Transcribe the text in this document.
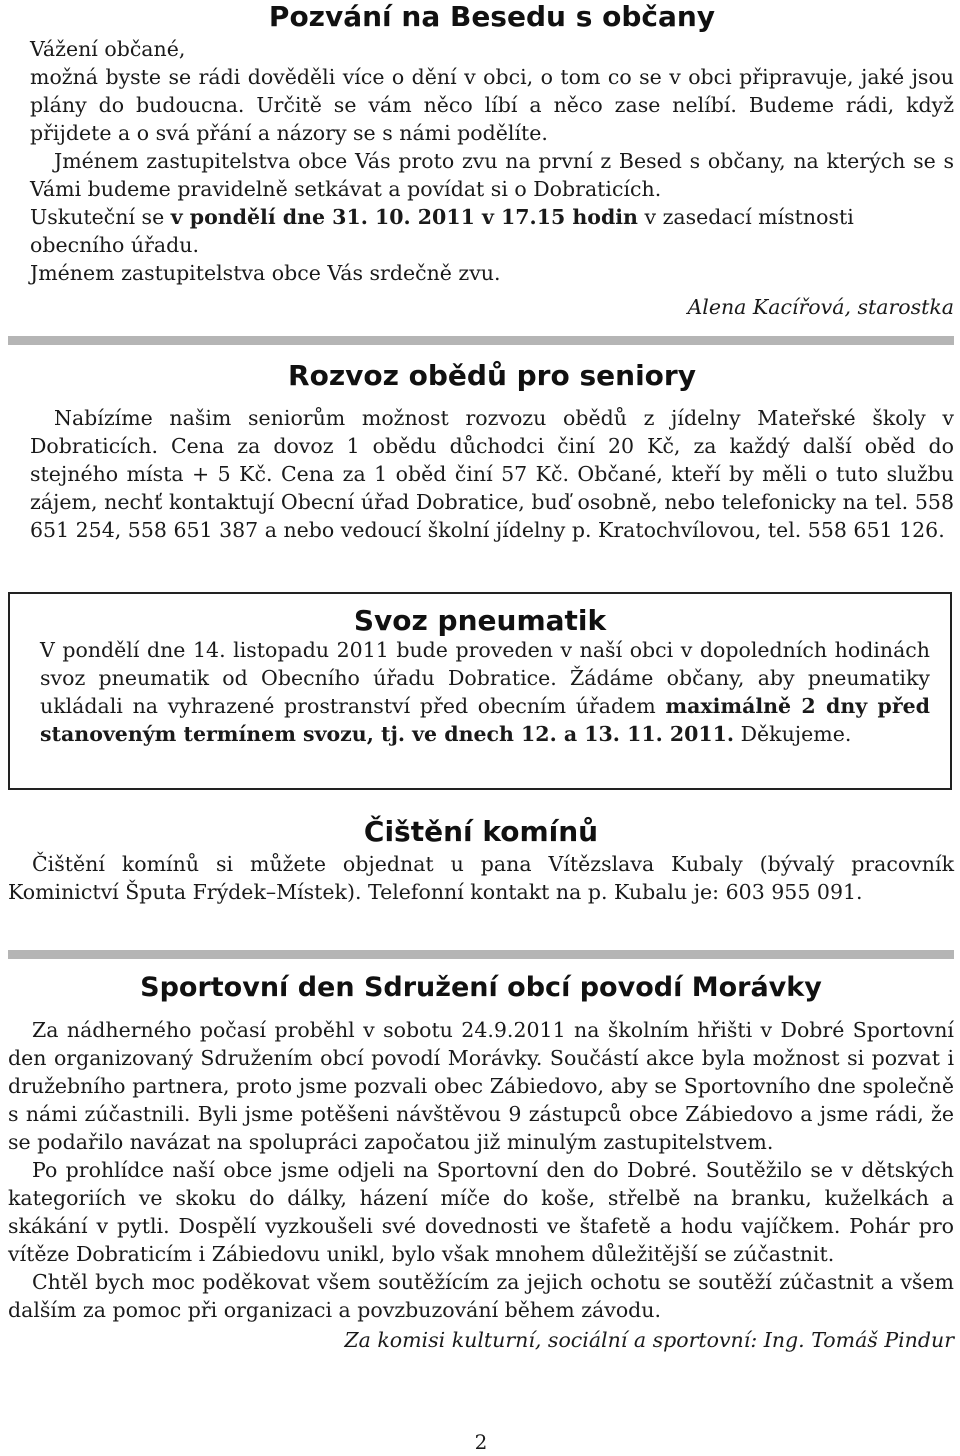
Pozvání na Besedu s občany

Vážení občané,

možná byste se rádi dověděli více o dění v obci, o tom co se v obci připravuje, jaké jsou plány do budoucna. Určitě se vám něco líbí a něco zase nelíbí. Budeme rádi, když přijdete a o svá přání a názory se s námi podělíte.

Jménem zastupitelstva obce Vás proto zvu na první z Besed s občany, na kterých se s Vámi budeme pravidelně setkávat a povídat si o Dobraticích.

Uskuteční se v pondělí dne 31. 10. 2011 v 17.15 hodin v zasedací místnosti obecního úřadu.

Jménem zastupitelstva obce Vás srdečně zvu.

Alena Kacířová, starostka

Rozvoz obědů pro seniory

Nabízíme našim seniorům možnost rozvozu obědů z jídelny Mateřské školy v Dobraticích. Cena za dovoz 1 obědu důchodci činí 20 Kč, za každý další oběd do stejného místa + 5 Kč. Cena za 1 oběd činí 57 Kč. Občané, kteří by měli o tuto službu zájem, nechť kontaktují Obecní úřad Dobratice, buď osobně, nebo telefonicky na tel. 558 651 254, 558 651 387 a nebo vedoucí školní jídelny p. Kratochvílovou, tel. 558 651 126.

Svoz pneumatik

V pondělí dne 14. listopadu 2011 bude proveden v naší obci v dopoledních hodinách svoz pneumatik od Obecního úřadu Dobratice. Žádáme občany, aby pneumatiky ukládali na vyhrazené prostranství před obecním úřadem maximálně 2 dny před stanoveným termínem svozu, tj. ve dnech 12. a 13. 11. 2011. Děkujeme.

Čištění komínů

Čištění komínů si můžete objednat u pana Vítězslava Kubaly (bývalý pracovník Kominictví Šputa Frýdek–Místek). Telefonní kontakt na p. Kubalu je: 603 955 091.

Sportovní den Sdružení obcí povodí Morávky

Za nádherného počasí proběhl v sobotu 24.9.2011 na školním hřišti v Dobré Sportovní den organizovaný Sdružením obcí povodí Morávky. Součástí akce byla možnost si pozvat i družebního partnera, proto jsme pozvali obec Zábiedovo, aby se Sportovního dne společně s námi zúčastnili. Byli jsme potěšeni návštěvou 9 zástupců obce Zábiedovo a jsme rádi, že se podařilo navázat na spolupráci započatou již minulým zastupitelstvem.

Po prohlídce naší obce jsme odjeli na Sportovní den do Dobré. Soutěžilo se v dětských kategoriích ve skoku do dálky, házení míče do koše, střelbě na branku, kuželkách a skákání v pytli. Dospělí vyzkoušeli své dovednosti ve štafetě a hodu vajíčkem. Pohár pro vítěze Dobraticím i Zábiedovu unikl, bylo však mnohem důležitější se zúčastnit.

Chtěl bych moc poděkovat všem soutěžícím za jejich ochotu se soutěží zúčastnit a všem dalším za pomoc při organizaci a povzbuzování během závodu.

Za komisi kulturní, sociální a sportovní: Ing. Tomáš Pindur

2
